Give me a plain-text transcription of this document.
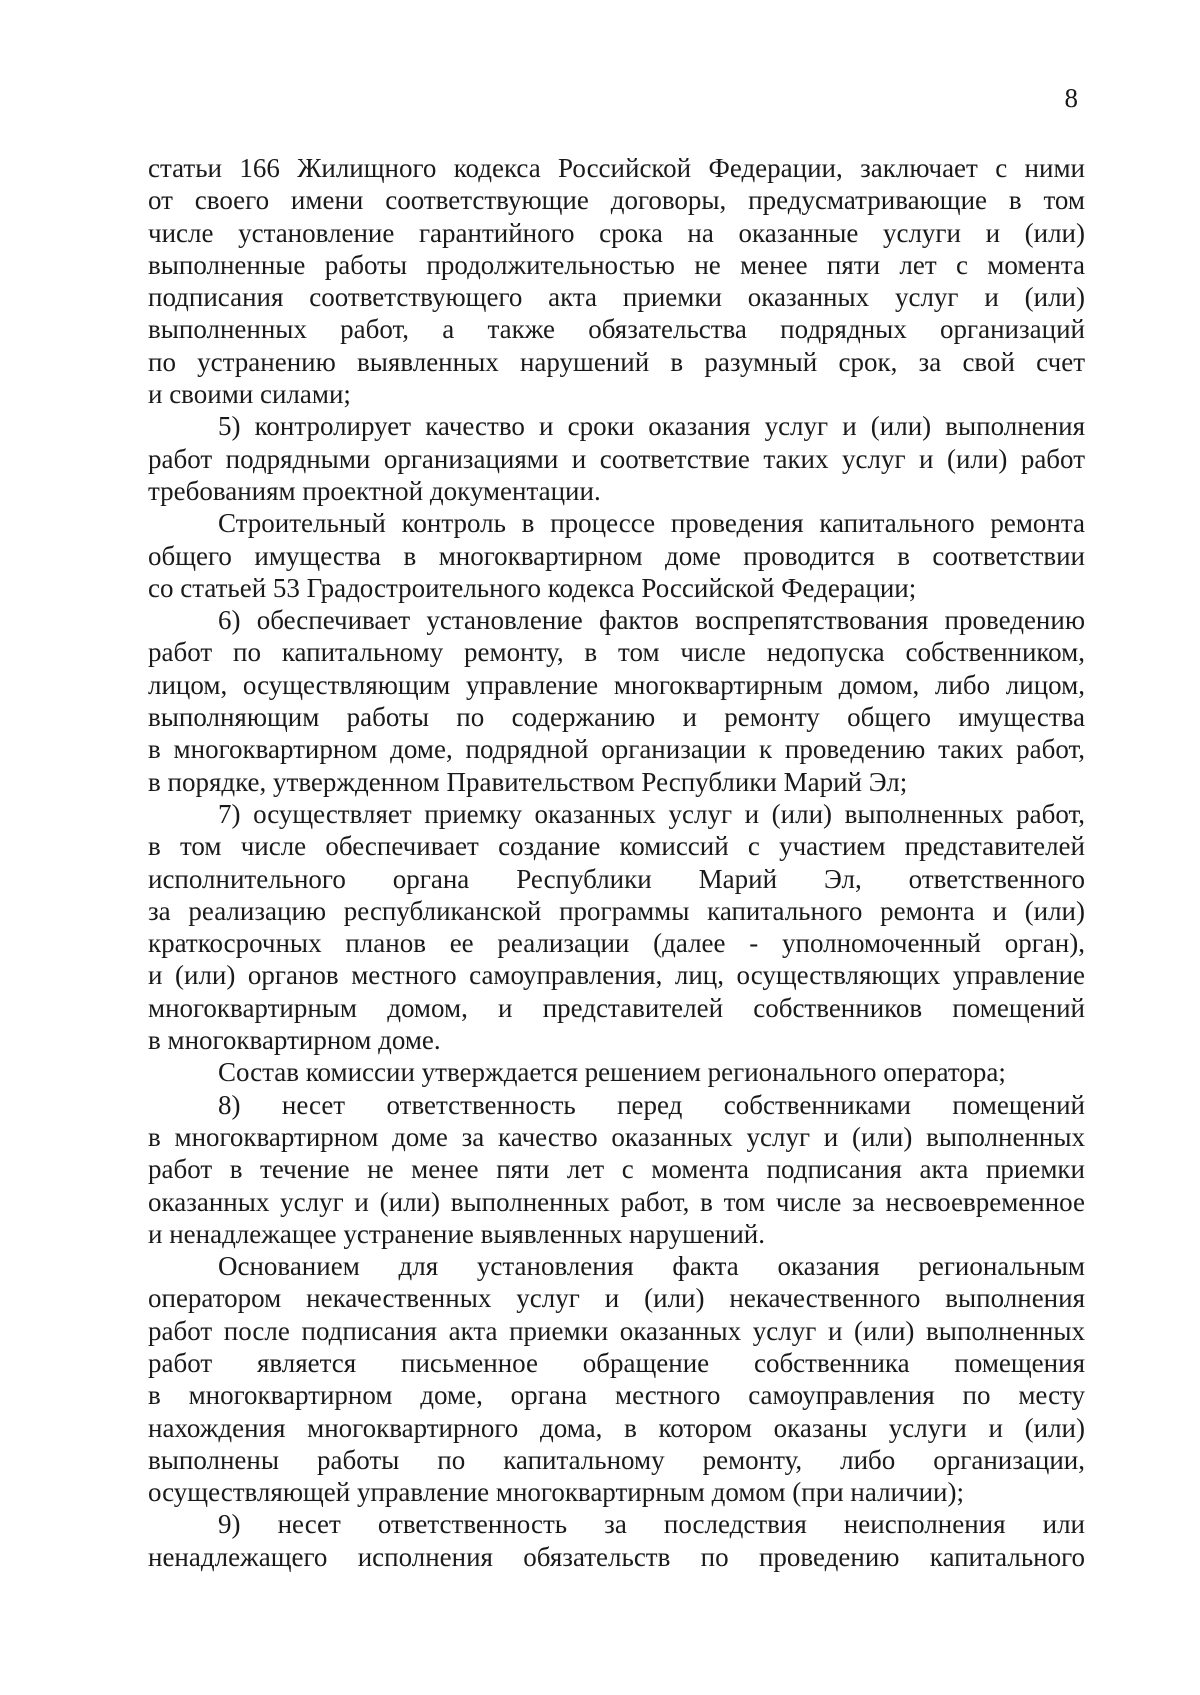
8
статьи 166 Жилищного кодекса Российской Федерации, заключает с ними
от своего имени соответствующие договоры, предусматривающие в том
числе установление гарантийного срока на оказанные услуги и (или)
выполненные работы продолжительностью не менее пяти лет с момента
подписания соответствующего акта приемки оказанных услуг и (или)
выполненных работ, а также обязательства подрядных организаций
по устранению выявленных нарушений в разумный срок, за свой счет
и своими силами;
5) контролирует качество и сроки оказания услуг и (или) выполнения
работ подрядными организациями и соответствие таких услуг и (или) работ
требованиям проектной документации.
Строительный контроль в процессе проведения капитального ремонта
общего имущества в многоквартирном доме проводится в соответствии
со статьей 53 Градостроительного кодекса Российской Федерации;
6) обеспечивает установление фактов воспрепятствования проведению
работ по капитальному ремонту, в том числе недопуска собственником,
лицом, осуществляющим управление многоквартирным домом, либо лицом,
выполняющим работы по содержанию и ремонту общего имущества
в многоквартирном доме, подрядной организации к проведению таких работ,
в порядке, утвержденном Правительством Республики Марий Эл;
7) осуществляет приемку оказанных услуг и (или) выполненных работ,
в том числе обеспечивает создание комиссий с участием представителей
исполнительного органа Республики Марий Эл, ответственного
за реализацию республиканской программы капитального ремонта и (или)
краткосрочных планов ее реализации (далее - уполномоченный орган),
и (или) органов местного самоуправления, лиц, осуществляющих управление
многоквартирным домом, и представителей собственников помещений
в многоквартирном доме.
Состав комиссии утверждается решением регионального оператора;
8) несет ответственность перед собственниками помещений
в многоквартирном доме за качество оказанных услуг и (или) выполненных
работ в течение не менее пяти лет с момента подписания акта приемки
оказанных услуг и (или) выполненных работ, в том числе за несвоевременное
и ненадлежащее устранение выявленных нарушений.
Основанием для установления факта оказания региональным
оператором некачественных услуг и (или) некачественного выполнения
работ после подписания акта приемки оказанных услуг и (или) выполненных
работ является письменное обращение собственника помещения
в многоквартирном доме, органа местного самоуправления по месту
нахождения многоквартирного дома, в котором оказаны услуги и (или)
выполнены работы по капитальному ремонту, либо организации,
осуществляющей управление многоквартирным домом (при наличии);
9) несет ответственность за последствия неисполнения или
ненадлежащего исполнения обязательств по проведению капитального
